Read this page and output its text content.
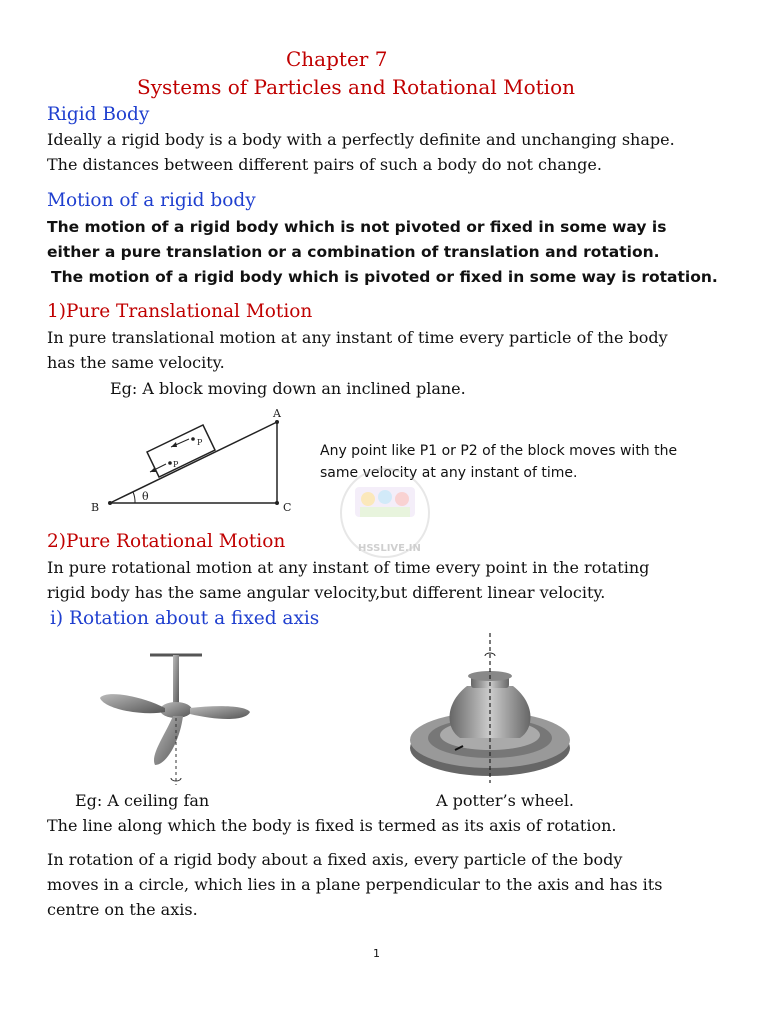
Chapter 7
Systems of Particles and Rotational Motion
Rigid Body
Ideally a rigid body is a body with a perfectly definite and unchanging shape.
The distances between different pairs of such a body do not change.
Motion of a rigid body
The motion of a rigid body which is not pivoted or fixed in some way is
either a pure translation or a combination of translation and rotation.
The motion of a rigid body which is pivoted or fixed in some way is rotation.
1)Pure Translational Motion
In pure translational motion at any instant of time every particle of the body
has the same velocity.
Eg: A block moving down an inclined plane.
A
B	C
θ
P
P
Any point like P1 or P2 of the block moves with the
same velocity at any instant of time.
HSSLIVE.IN
2)Pure Rotational Motion
In pure rotational motion at any instant of time every point in the rotating
rigid body has the same angular velocity,but different linear velocity.
i) Rotation about a fixed axis
Eg: A ceiling fan	A potter’s wheel.
The line along which the body is fixed is termed as its axis of rotation.
In rotation of a rigid body about a fixed axis, every particle of the body
moves in a circle, which lies in a plane perpendicular to the axis and has its
centre on the axis.
1
